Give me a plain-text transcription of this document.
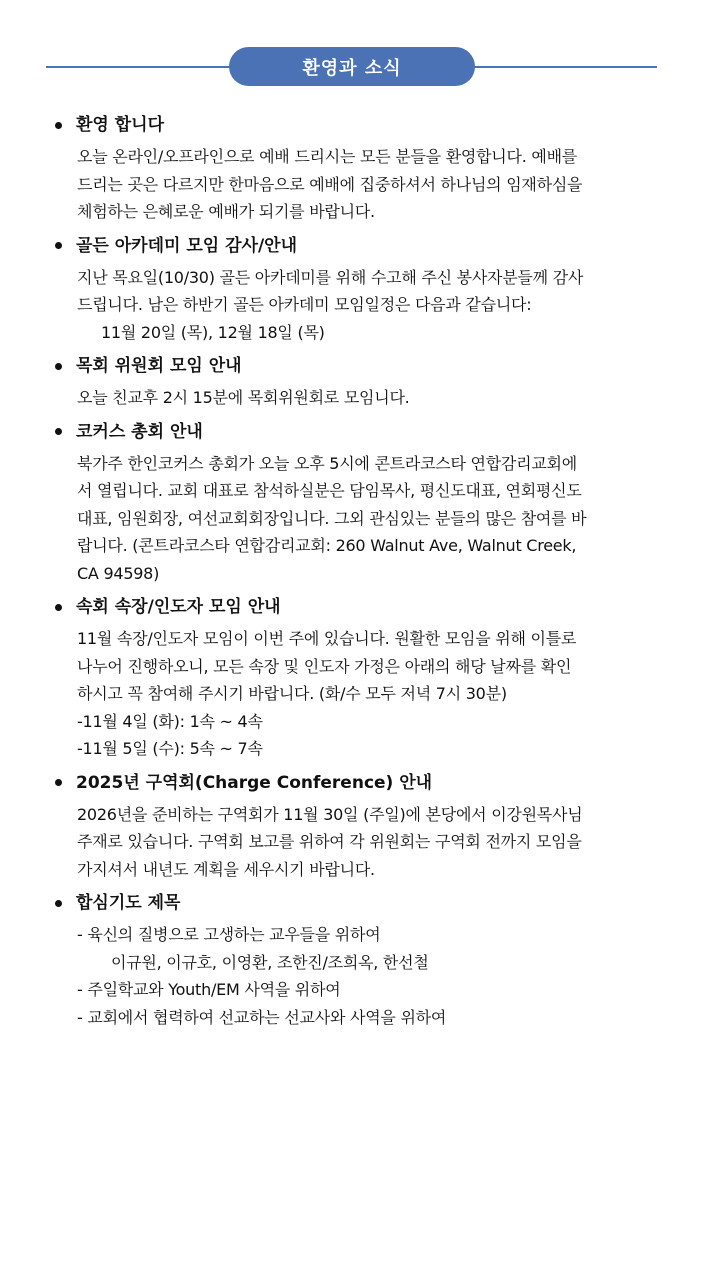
환영과 소식
환영 합니다
오늘 온라인/오프라인으로 예배 드리시는 모든 분들을 환영합니다. 예배를
드리는 곳은 다르지만 한마음으로 예배에 집중하셔서 하나님의 임재하심을
체험하는 은혜로운 예배가 되기를 바랍니다.
골든 아카데미 모임 감사/안내
지난 목요일(10/30) 골든 아카데미를 위해 수고해 주신 봉사자분들께 감사
드립니다. 남은 하반기 골든 아카데미 모임일정은 다음과 같습니다:
11월 20일 (목), 12월 18일 (목)
목회 위원회 모임 안내
오늘 친교후 2시 15분에 목회위원회로 모임니다.
코커스 총회 안내
북가주 한인코커스 총회가 오늘 오후 5시에 콘트라코스타 연합감리교회에
서 열립니다. 교회 대표로 참석하실분은 담임목사, 평신도대표, 연회평신도
대표, 임원회장, 여선교회회장입니다. 그외 관심있는 분들의 많은 참여를 바
랍니다. (콘트라코스타 연합감리교회: 260 Walnut Ave, Walnut Creek,
CA 94598)
속회 속장/인도자 모임 안내
11월 속장/인도자 모임이 이번 주에 있습니다. 원활한 모임을 위해 이틀로
나누어 진행하오니, 모든 속장 및 인도자 가정은 아래의 해당 날짜를 확인
하시고 꼭 참여해 주시기 바랍니다. (화/수 모두 저녁 7시 30분)
-11월 4일 (화): 1속 ~ 4속
-11월 5일 (수): 5속 ~ 7속
2025년 구역회(Charge Conference) 안내
2026년을 준비하는 구역회가 11월 30일 (주일)에 본당에서 이강원목사님
주재로 있습니다. 구역회 보고를 위하여 각 위원회는 구역회 전까지 모임을
가지셔서 내년도 계획을 세우시기 바랍니다.
합심기도 제목
- 육신의 질병으로 고생하는 교우들을 위하여
이규원, 이규호, 이영환, 조한진/조희옥, 한선철
- 주일학교와 Youth/EM 사역을 위하여
- 교회에서 협력하여 선교하는 선교사와 사역을 위하여
